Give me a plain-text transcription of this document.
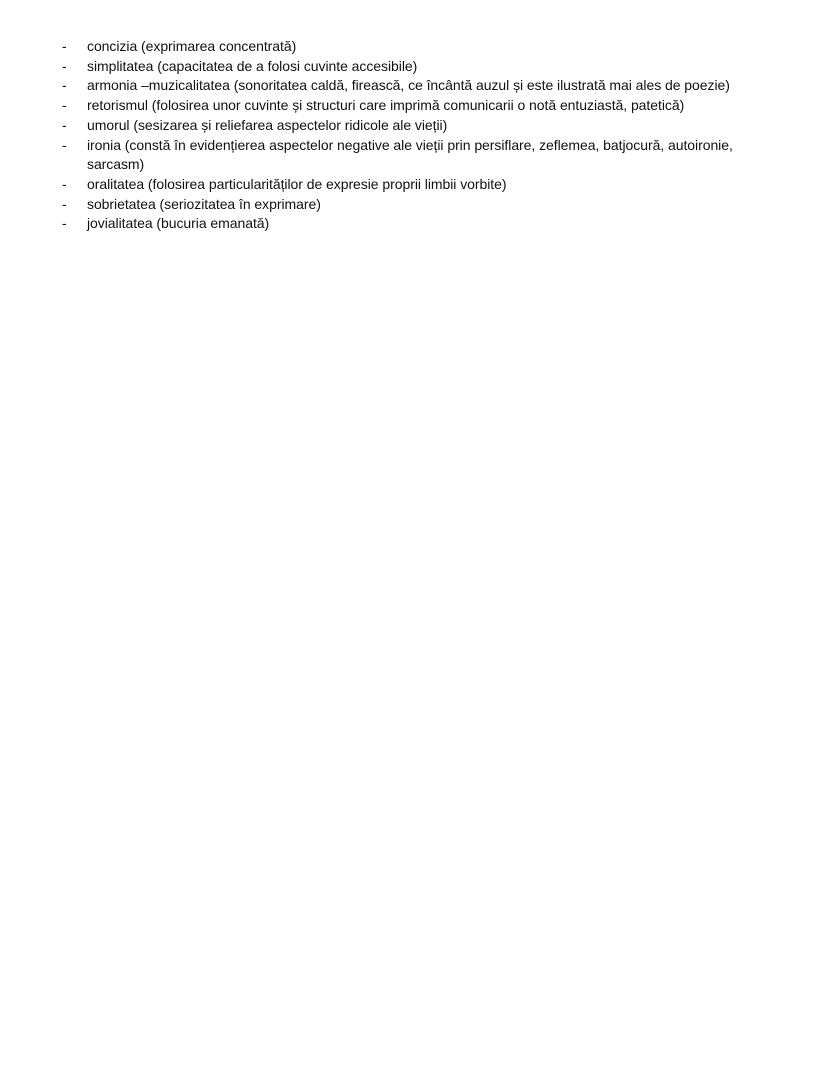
-	concizia (exprimarea concentrată)
-	simplitatea (capacitatea de a folosi cuvinte accesibile)
-	armonia –muzicalitatea (sonoritatea caldă, firească, ce încântă auzul și este ilustrată mai ales de poezie)
-	retorismul (folosirea unor cuvinte și structuri care imprimă comunicarii o notă entuziastă, patetică)
-	umorul (sesizarea și reliefarea aspectelor ridicole ale vieții)
-	ironia (constă în evidențierea aspectelor negative ale vieții prin persiflare, zeflemea, batjocură, autoironie, sarcasm)
-	oralitatea (folosirea particularităților de expresie proprii limbii vorbite)
-	sobrietatea (seriozitatea în exprimare)
-	jovialitatea (bucuria emanată)
